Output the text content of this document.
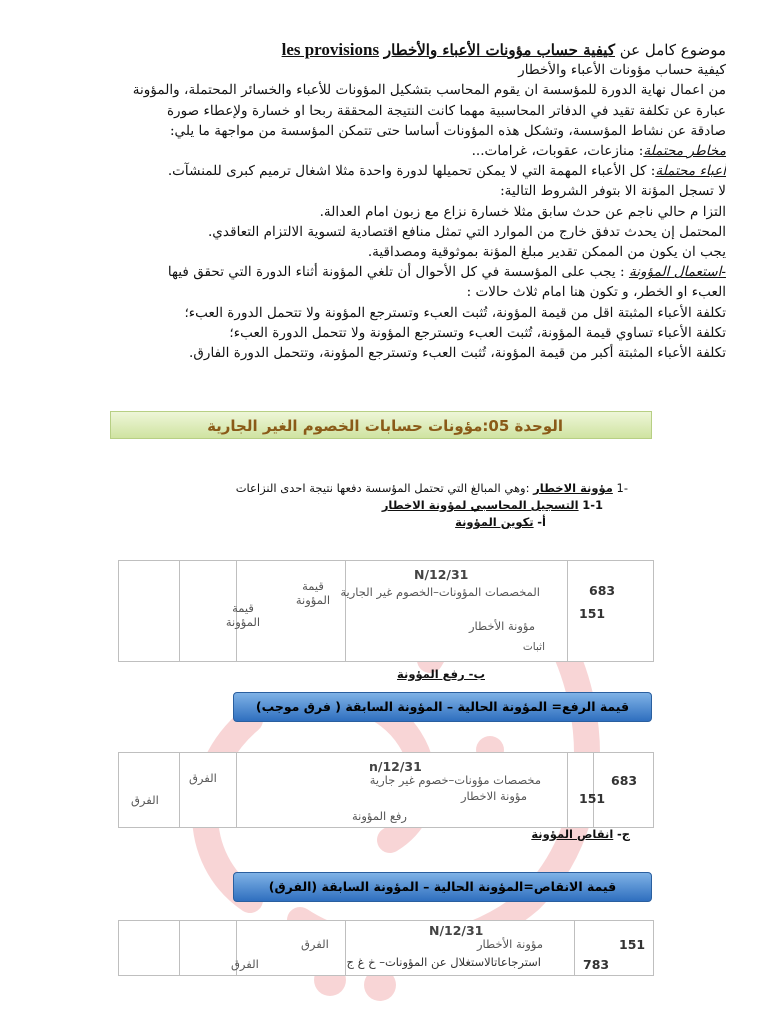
موضوع كامل عن كيفية حساب مؤونات الأعباء والأخطار les provisions

كيفية حساب مؤونات الأعباء والأخطار

من اعمال نهاية الدورة للمؤسسة ان يقوم المحاسب بتشكيل المؤونات للأعباء والخسائر المحتملة، والمؤونة

عبارة عن تكلفة تقيد في الدفاتر المحاسبية مهما كانت النتيجة المحققة ربحا او خسارة ولإعطاء صورة

صادقة عن نشاط المؤسسة، وتشكل هذه المؤونات أساسا حتى تتمكن المؤسسة من مواجهة ما يلي:

مخاطر محتملة: منازعات، عقوبات، غرامات...

أعباء محتملة: كل الأعباء المهمة التي لا يمكن تحميلها لدورة واحدة مثلا اشغال ترميم كبرى للمنشآت.

لا تسجل المؤنة الا بتوفر الشروط التالية:

التزا م حالي ناجم عن حدث سابق مثلا خسارة نزاع مع زبون امام العدالة.

المحتمل إن يحدث تدفق خارج من الموارد التي تمثل منافع اقتصادية لتسوية الالتزام التعاقدي.

يجب ان يكون من الممكن تقدير مبلغ المؤنة بموثوقية ومصداقية.

-استعمال المؤونة : يجب على المؤسسة في كل الأحوال أن تلغي المؤونة أثناء الدورة التي تحقق فيها

العبء او الخطر، و تكون هنا امام ثلاث حالات :

تكلفة الأعباء المثبتة اقل من قيمة المؤونة، تُثبت العبء وتسترجع المؤونة ولا تتحمل الدورة العبء؛

تكلفة الأعباء تساوي قيمة المؤونة، تُثبت العبء وتسترجع المؤونة ولا تتحمل الدورة العبء؛

تكلفة الأعباء المثبتة أكبر من قيمة المؤونة، تُثبت العبء وتسترجع المؤونة، وتتحمل الدورة الفارق.

الوحدة 05:مؤونات حسابات الخصوم الغير الجارية
-1 مؤونة الاخطار :وهي المبالغ التي تحتمل المؤسسة دفعها نتيجة احدى النزاعات
1-1 التسجيل المحاسبي لمؤونة الاخطار
أ- تكوين المؤونة
N/12/31
المخصصات المؤونات–الخصوم غير الجارية
مؤونة الأخطار
اثبات
683
151
قيمة المؤونة
قيمة المؤونة
ب- رفع المؤونة
قيمة الرفع= المؤونة الحالية – المؤونة السابقة ( فرق موجب)
n/12/31
مخصصات مؤونات–خصوم غير جارية
مؤونة الاخطار
رفع المؤونة
683
151
الفرق
الفرق
ج- انقاص المؤونة
قيمة الانقاص=المؤونة الحالية – المؤونة السابقة (الفرق)
N/12/31
مؤونة الأخطار
استرجاعاتالاستغلال عن المؤونات– خ غ ج
151
783
الفرق
الفرق
